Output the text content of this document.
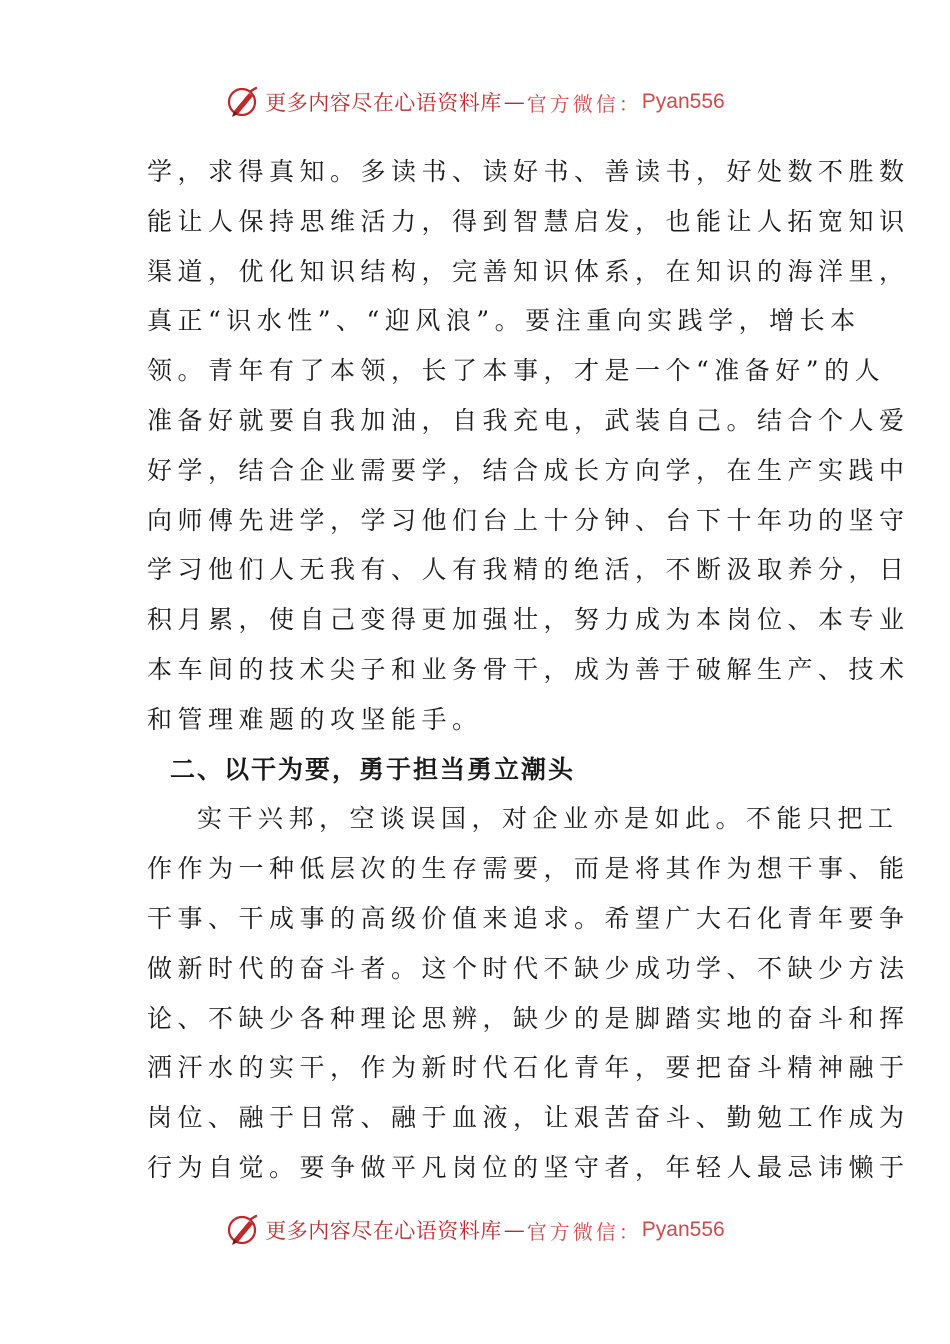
更多内容尽在心语资料库 — 官方微信： Pyan556
学，求得真知。多读书、读好书、善读书，好处数不胜数
能让人保持思维活力，得到智慧启发，也能让人拓宽知识
渠道，优化知识结构，完善知识体系，在知识的海洋里，
真正“识水性”、“迎风浪”。要注重向实践学，增长本
领。青年有了本领，长了本事，才是一个“准备好”的人
准备好就要自我加油，自我充电，武装自己。结合个人爱
好学，结合企业需要学，结合成长方向学，在生产实践中
向师傅先进学，学习他们台上十分钟、台下十年功的坚守
学习他们人无我有、人有我精的绝活，不断汲取养分，日
积月累，使自己变得更加强壮，努力成为本岗位、本专业
本车间的技术尖子和业务骨干，成为善于破解生产、技术
和管理难题的攻坚能手。
二、以干为要，勇于担当勇立潮头
实干兴邦，空谈误国，对企业亦是如此。不能只把工
作作为一种低层次的生存需要，而是将其作为想干事、能
干事、干成事的高级价值来追求。希望广大石化青年要争
做新时代的奋斗者。这个时代不缺少成功学、不缺少方法
论、不缺少各种理论思辨，缺少的是脚踏实地的奋斗和挥
洒汗水的实干，作为新时代石化青年，要把奋斗精神融于
岗位、融于日常、融于血液，让艰苦奋斗、勤勉工作成为
行为自觉。要争做平凡岗位的坚守者，年轻人最忌讳懒于
更多内容尽在心语资料库 — 官方微信： Pyan556
